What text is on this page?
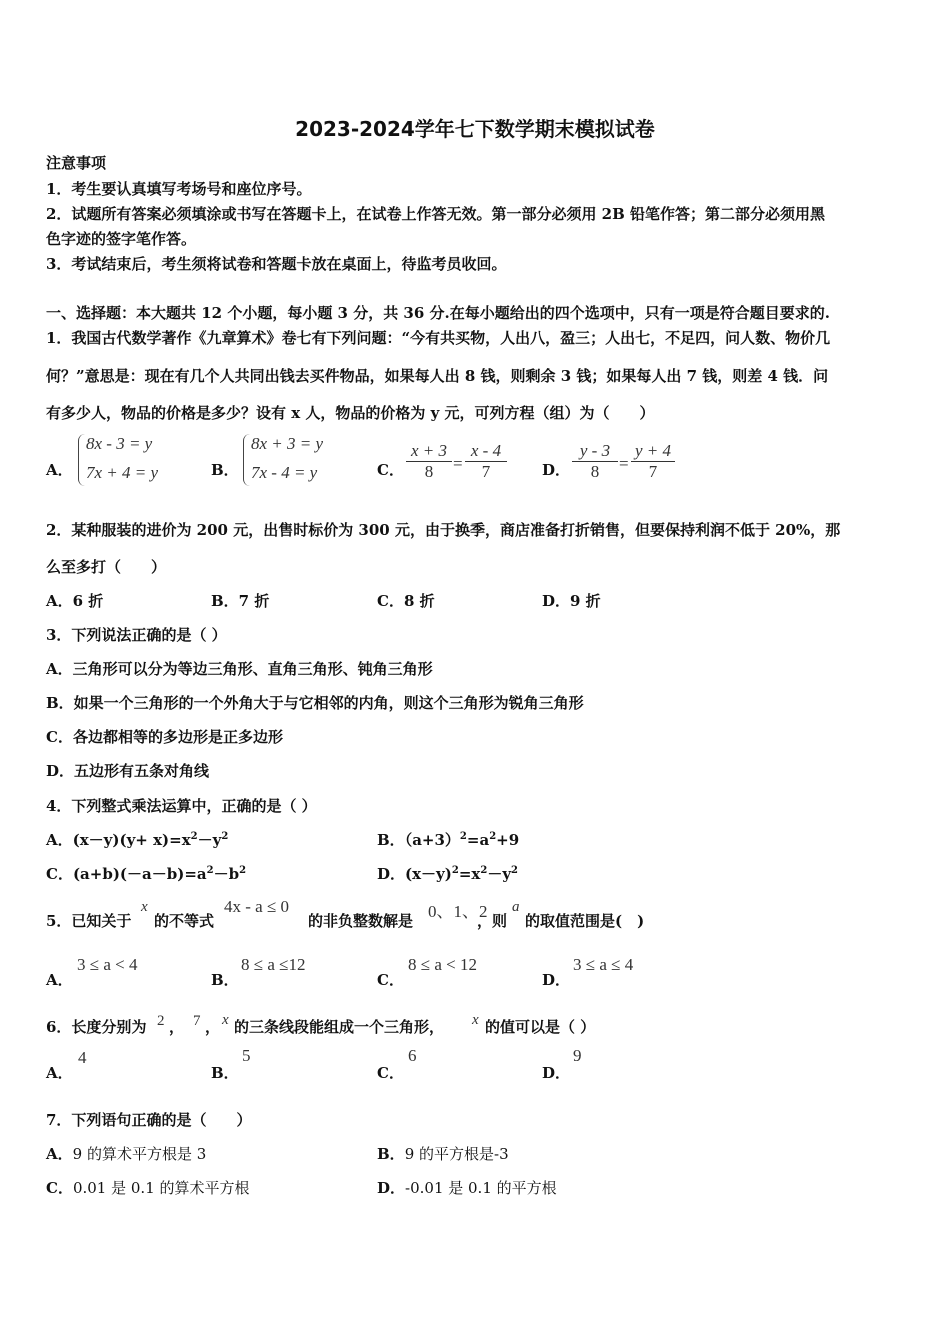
2023-2024学年七下数学期末模拟试卷
注意事项
1．考生要认真填写考场号和座位序号。
2．试题所有答案必须填涂或书写在答题卡上，在试卷上作答无效。第一部分必须用 2B 铅笔作答；第二部分必须用黑
色字迹的签字笔作答。
3．考试结束后，考生须将试卷和答题卡放在桌面上，待监考员收回。
一、选择题：本大题共 12 个小题，每小题 3 分，共 36 分.在每小题给出的四个选项中，只有一项是符合题目要求的.
1．我国古代数学著作《九章算术》卷七有下列问题：“今有共买物，人出八，盈三；人出七，不足四，问人数、物价几
何？”意思是：现在有几个人共同出钱去买件物品，如果每人出 8 钱，则剩余 3 钱；如果每人出 7 钱，则差 4 钱．问
有多少人，物品的价格是多少？设有 x 人，物品的价格为 y 元，可列方程（组）为（　　）
A．
8x - 3 = y
7x + 4 = y	B．
8x + 3 = y
7x - 4 = y	C． $\frac{x + 3}{8} = \frac{x - 4}{7}$ D． $\frac{y - 3}{8} = \frac{y + 4}{7}$
2．某种服装的进价为 200 元，出售时标价为 300 元，由于换季，商店准备打折销售，但要保持利润不低于 20%，那
么至多打（　　）
A．6 折	B．7 折	C．8 折	D．9 折
3．下列说法正确的是（ ）
A．三角形可以分为等边三角形、直角三角形、钝角三角形
B．如果一个三角形的一个外角大于与它相邻的内角，则这个三角形为锐角三角形
C．各边都相等的多边形是正多边形
D．五边形有五条对角线
4．下列整式乘法运算中，正确的是（ ）
A．$(x-y)(y+ x)=x^2-y^2$	B．$(a+3)^2=a^2+9$
C．$(a+b)(-a-b)=a^2-b^2$	D．$(x-y)^2=x^2-y^2$
5．已知关于
x
的不等式
4x - a ≤ 0
的非负整数解是 0、1、2
，则
a
的取值范围是(　)
A．
3 ≤ a < 4
B．
8 ≤ a ≤12
C．
8 ≤ a < 12
D．
3 ≤ a ≤ 4
6．长度分别为 2 ， 7 ， x 的三条线段能组成一个三角形， x 的值可以是（ ）
A．
4
B．
5
C．
6
D．
9
7．下列语句正确的是（　　）
A．9 的算术平方根是 3	B．9 的平方根是-3
C．0.01 是 0.1 的算术平方根	D．-0.01 是 0.1 的平方根
